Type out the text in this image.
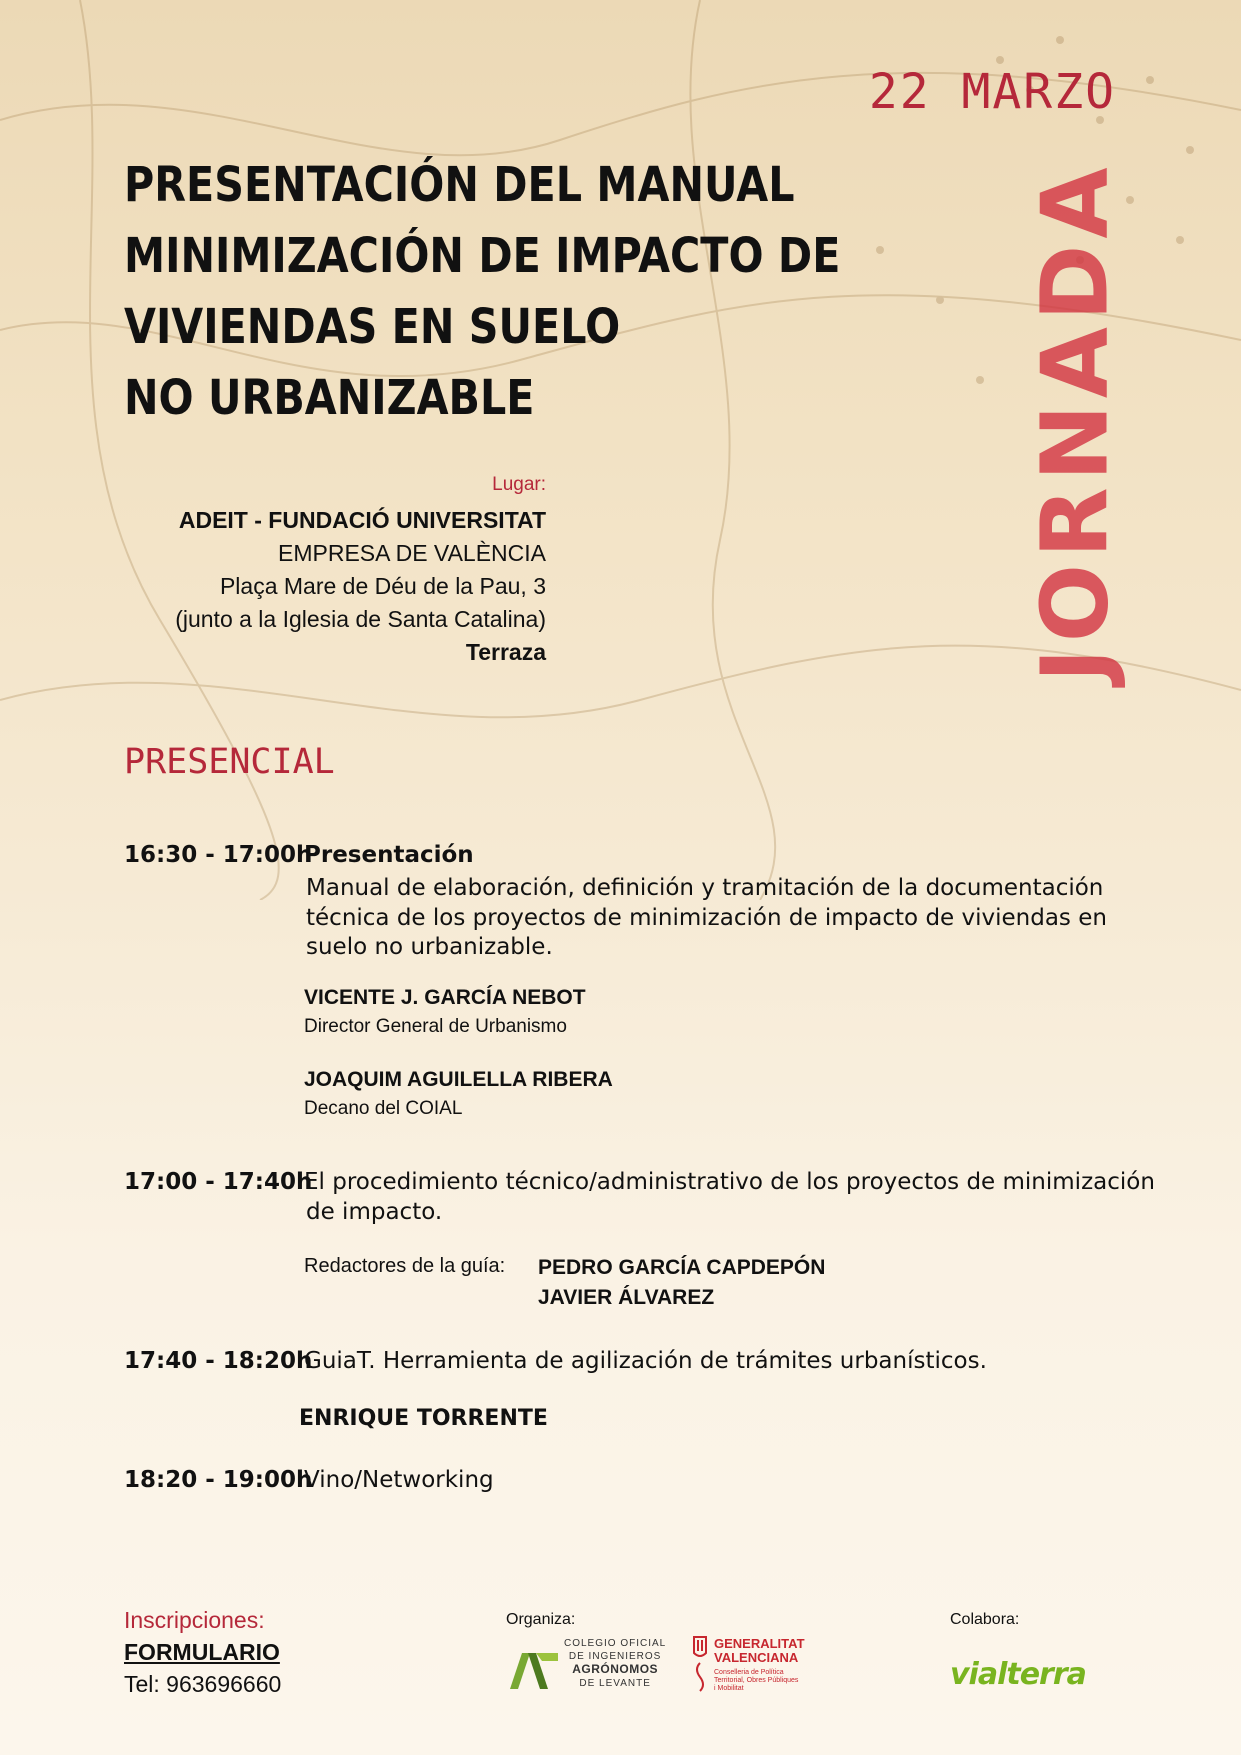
22 MARZO
JORNADA
PRESENTACIÓN DEL MANUAL
MINIMIZACIÓN DE IMPACTO DE
VIVIENDAS EN SUELO
NO URBANIZABLE
Lugar:
ADEIT - FUNDACIÓ UNIVERSITAT
EMPRESA DE VALÈNCIA
Plaça Mare de Déu de la Pau, 3
(junto a la Iglesia de Santa Catalina)
Terraza
PRESENCIAL
16:30 - 17:00h
Presentación
Manual de elaboración, definición y tramitación de la documentación técnica de los proyectos de minimización de impacto de viviendas en suelo no urbanizable.
VICENTE J. GARCÍA NEBOT
Director General de Urbanismo
JOAQUIM AGUILELLA RIBERA
Decano del COIAL
17:00 - 17:40h
El procedimiento técnico/administrativo de los proyectos de minimización
de impacto.
Redactores de la guía: PEDRO GARCÍA CAPDEPÓN
JAVIER ÁLVAREZ
17:40 - 18:20h
GuiaT. Herramienta de agilización de trámites urbanísticos.
ENRIQUE TORRENTE
18:20 - 19:00h
Vino/Networking
Inscripciones:
FORMULARIO
Tel: 963696660
Organiza:
COLEGIO OFICIAL
DE INGENIEROS
AGRÓNOMOS
DE LEVANTE
GENERALITAT
VALENCIANA
Conselleria de Política
Territorial, Obres Públiques
i Mobilitat
Colabora:
vialterra
